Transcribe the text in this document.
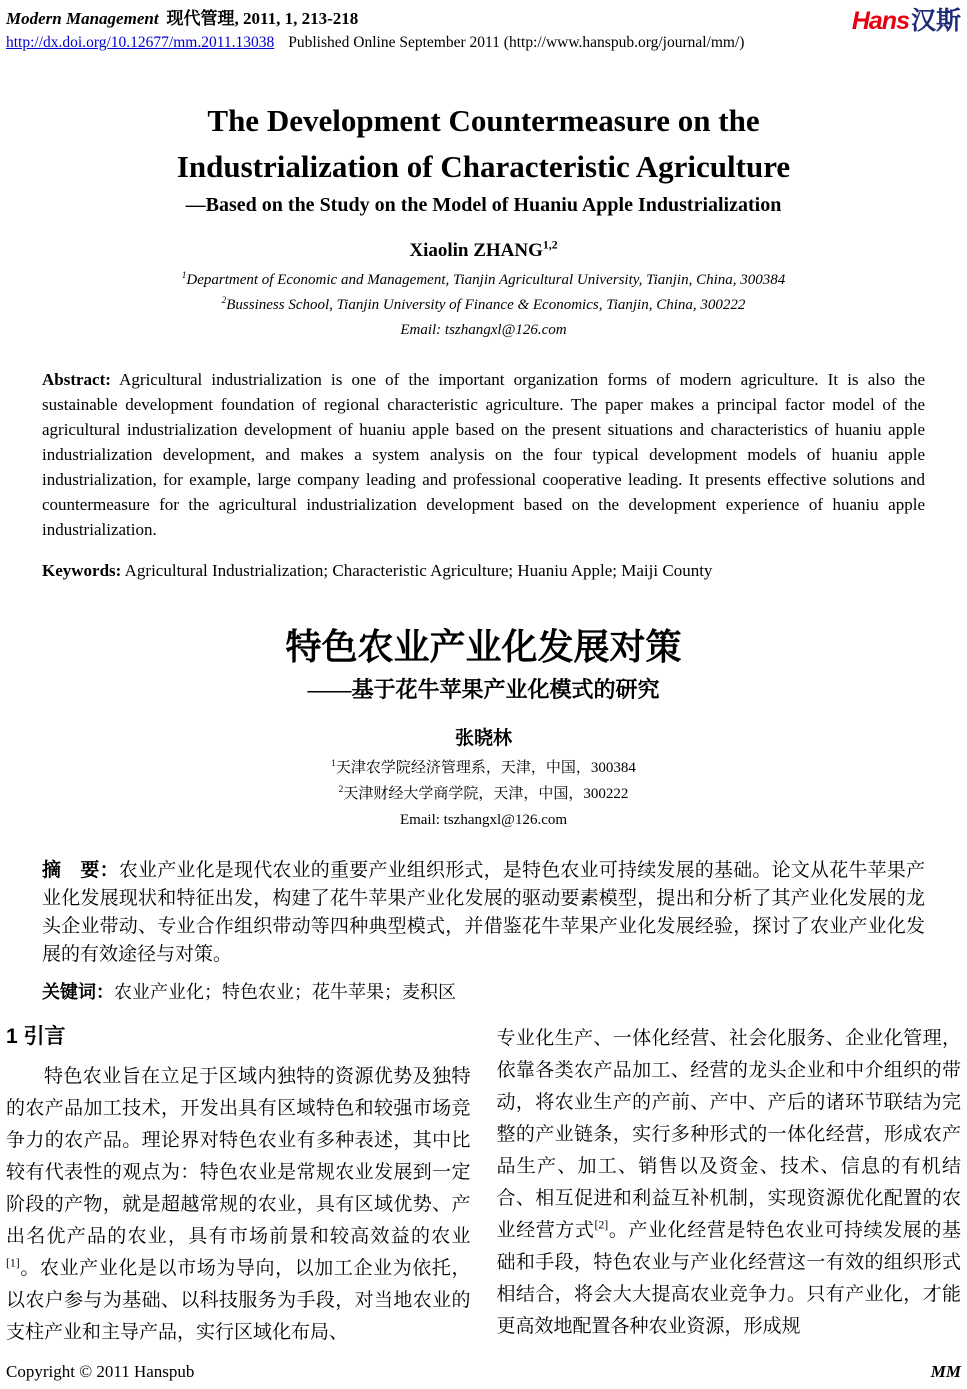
Modern Management 现代管理, 2011, 1, 213-218
http://dx.doi.org/10.12677/mm.2011.13038 Published Online September 2011 (http://www.hanspub.org/journal/mm/)
Hans汉斯
The Development Countermeasure on the
Industrialization of Characteristic Agriculture
—Based on the Study on the Model of Huaniu Apple Industrialization
Xiaolin ZHANG$^{1,2}$
$^1$Department of Economic and Management, Tianjin Agricultural University, Tianjin, China, 300384
$^2$Bussiness School, Tianjin University of Finance & Economics, Tianjin, China, 300222
Email: tszhangxl@126.com

Abstract: Agricultural industrialization is one of the important organization forms of modern agriculture. It is also the sustainable development foundation of regional characteristic agriculture. The paper makes a principal factor model of the agricultural industrialization development of huaniu apple based on the present situations and characteristics of huaniu apple industrialization development, and makes a system analysis on the four typical development models of huaniu apple industrialization, for example, large company leading and professional cooperative leading. It presents effective solutions and countermeasure for the agricultural industrialization development based on the development experience of huaniu apple industrialization.

Keywords: Agricultural Industrialization; Characteristic Agriculture; Huaniu Apple; Maiji County

特色农业产业化发展对策
——基于花牛苹果产业化模式的研究
张晓林
$^1$天津农学院经济管理系，天津，中国，300384
$^2$天津财经大学商学院，天津，中国，300222
Email: tszhangxl@126.com

摘　要：农业产业化是现代农业的重要产业组织形式，是特色农业可持续发展的基础。论文从花牛苹果产业化发展现状和特征出发，构建了花牛苹果产业化发展的驱动要素模型，提出和分析了其产业化发展的龙头企业带动、专业合作组织带动等四种典型模式，并借鉴花牛苹果产业化发展经验，探讨了农业产业化发展的有效途径与对策。

关键词：农业产业化；特色农业；花牛苹果；麦积区

1 引言

特色农业旨在立足于区域内独特的资源优势及独特的农产品加工技术，开发出具有区域特色和较强市场竞争力的农产品。理论界对特色农业有多种表述，其中比较有代表性的观点为：特色农业是常规农业发展到一定阶段的产物，就是超越常规的农业，具有区域优势、产出名优产品的农业，具有市场前景和较高效益的农业[1]。农业产业化是以市场为导向，以加工企业为依托，以农户参与为基础、以科技服务为手段，对当地农业的支柱产业和主导产品，实行区域化布局、

专业化生产、一体化经营、社会化服务、企业化管理，依靠各类农产品加工、经营的龙头企业和中介组织的带动，将农业生产的产前、产中、产后的诸环节联结为完整的产业链条，实行多种形式的一体化经营，形成农产品生产、加工、销售以及资金、技术、信息的有机结合、相互促进和利益互补机制，实现资源优化配置的农业经营方式[2]。产业化经营是特色农业可持续发展的基础和手段，特色农业与产业化经营这一有效的组织形式相结合，将会大大提高农业竞争力。只有产业化，才能更高效地配置各种农业资源，形成规

Copyright © 2011 Hanspub	MM
